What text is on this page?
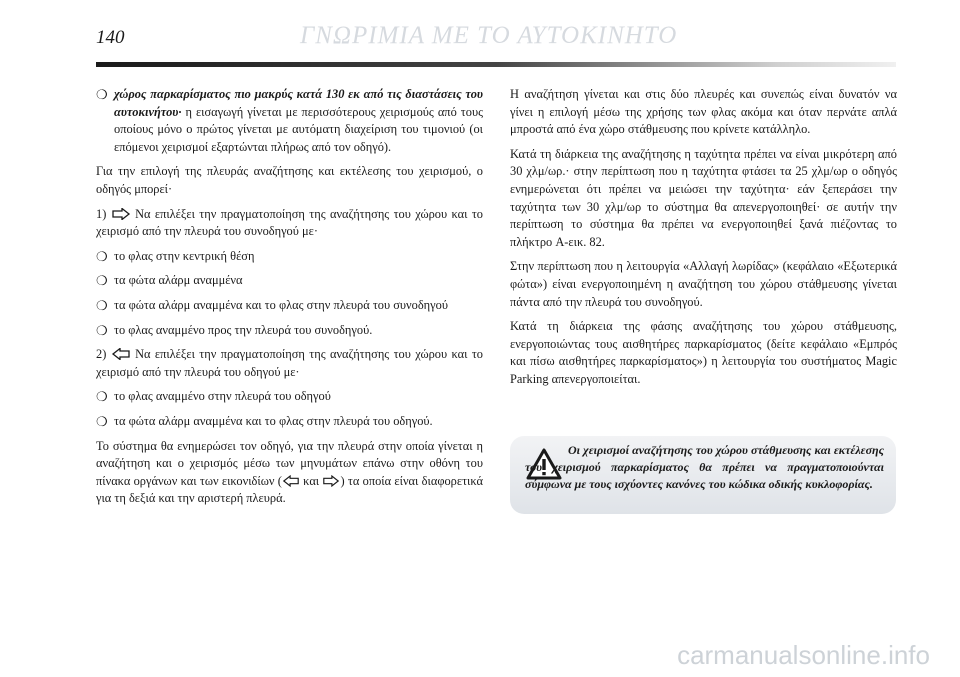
140	ΓΝΩΡΙΜΙΑ ΜΕ ΤΟ ΑΥΤΟΚΙΝΗΤΟ

❍ χώρος παρκαρίσματος πιο μακρύς κατά 130 εκ από τις διαστάσεις του αυτοκινήτου· η εισαγωγή γίνεται με περισσότερους χειρισμούς από τους οποίους μόνο ο πρώτος γίνεται με αυτόματη διαχείριση του τιμονιού (οι επόμενοι χειρισμοί εξαρτώνται πλήρως από τον οδηγό).

Για την επιλογή της πλευράς αναζήτησης και εκτέλεσης του χειρισμού, ο οδηγός μπορεί·

1)  Να επιλέξει την πραγματοποίηση της αναζήτησης του χώρου και το χειρισμό από την πλευρά του συνοδηγού με·

❍ το φλας στην κεντρική θέση

❍ τα φώτα αλάρμ αναμμένα

❍ τα φώτα αλάρμ αναμμένα και το φλας στην πλευρά του συνοδηγού

❍ το φλας αναμμένο προς την πλευρά του συνοδηγού.

2)  Να επιλέξει την πραγματοποίηση της αναζήτησης του χώρου και το χειρισμό από την πλευρά του οδηγού με·

❍ το φλας αναμμένο στην πλευρά του οδηγού

❍ τα φώτα αλάρμ αναμμένα και το φλας στην πλευρά του οδηγού.

Το σύστημα θα ενημερώσει τον οδηγό, για την πλευρά στην οποία γίνεται η αναζήτηση και ο χειρισμός μέσω των μηνυμάτων επάνω στην οθόνη του πίνακα οργάνων και των εικονιδίων ( και ) τα οποία είναι διαφορετικά για τη δεξιά και την αριστερή πλευρά.

Η αναζήτηση γίνεται και στις δύο πλευρές και συνεπώς είναι δυνατόν να γίνει η επιλογή μέσω της χρήσης των φλας ακόμα και όταν περνάτε απλά μπροστά από ένα χώρο στάθμευσης που κρίνετε κατάλληλο.

Κατά τη διάρκεια της αναζήτησης η ταχύτητα πρέπει να είναι μικρότερη από 30 χλμ/ωρ.· στην περίπτωση που η ταχύτητα φτάσει τα 25 χλμ/ωρ ο οδηγός ενημερώνεται ότι πρέπει να μειώσει την ταχύτητα· εάν ξεπεράσει την ταχύτητα των 30 χλμ/ωρ το σύστημα θα απενεργοποιηθεί· σε αυτήν την περίπτωση το σύστημα θα πρέπει να ενεργοποιηθεί ξανά πιέζοντας το πλήκτρο A-εικ. 82.

Στην περίπτωση που η λειτουργία «Αλλαγή λωρίδας» (κεφάλαιο «Εξωτερικά φώτα») είναι ενεργοποιημένη η αναζήτηση του χώρου στάθμευσης γίνεται πάντα από την πλευρά του συνοδηγού.

Κατά τη διάρκεια της φάσης αναζήτησης του χώρου στάθμευσης, ενεργοποιώντας τους αισθητήρες παρκαρίσματος (δείτε κεφάλαιο «Εμπρός και πίσω αισθητήρες παρκαρίσματος») η λειτουργία του συστήματος Magic Parking απενεργοποιείται.

Οι χειρισμοί αναζήτησης του χώρου στάθμευσης και εκτέλεσης του χειρισμού παρκαρίσματος θα πρέπει να πραγματοποιούνται σύμφωνα με τους ισχύοντες κανόνες του κώδικα οδικής κυκλοφορίας.
carmanualsonline.info
